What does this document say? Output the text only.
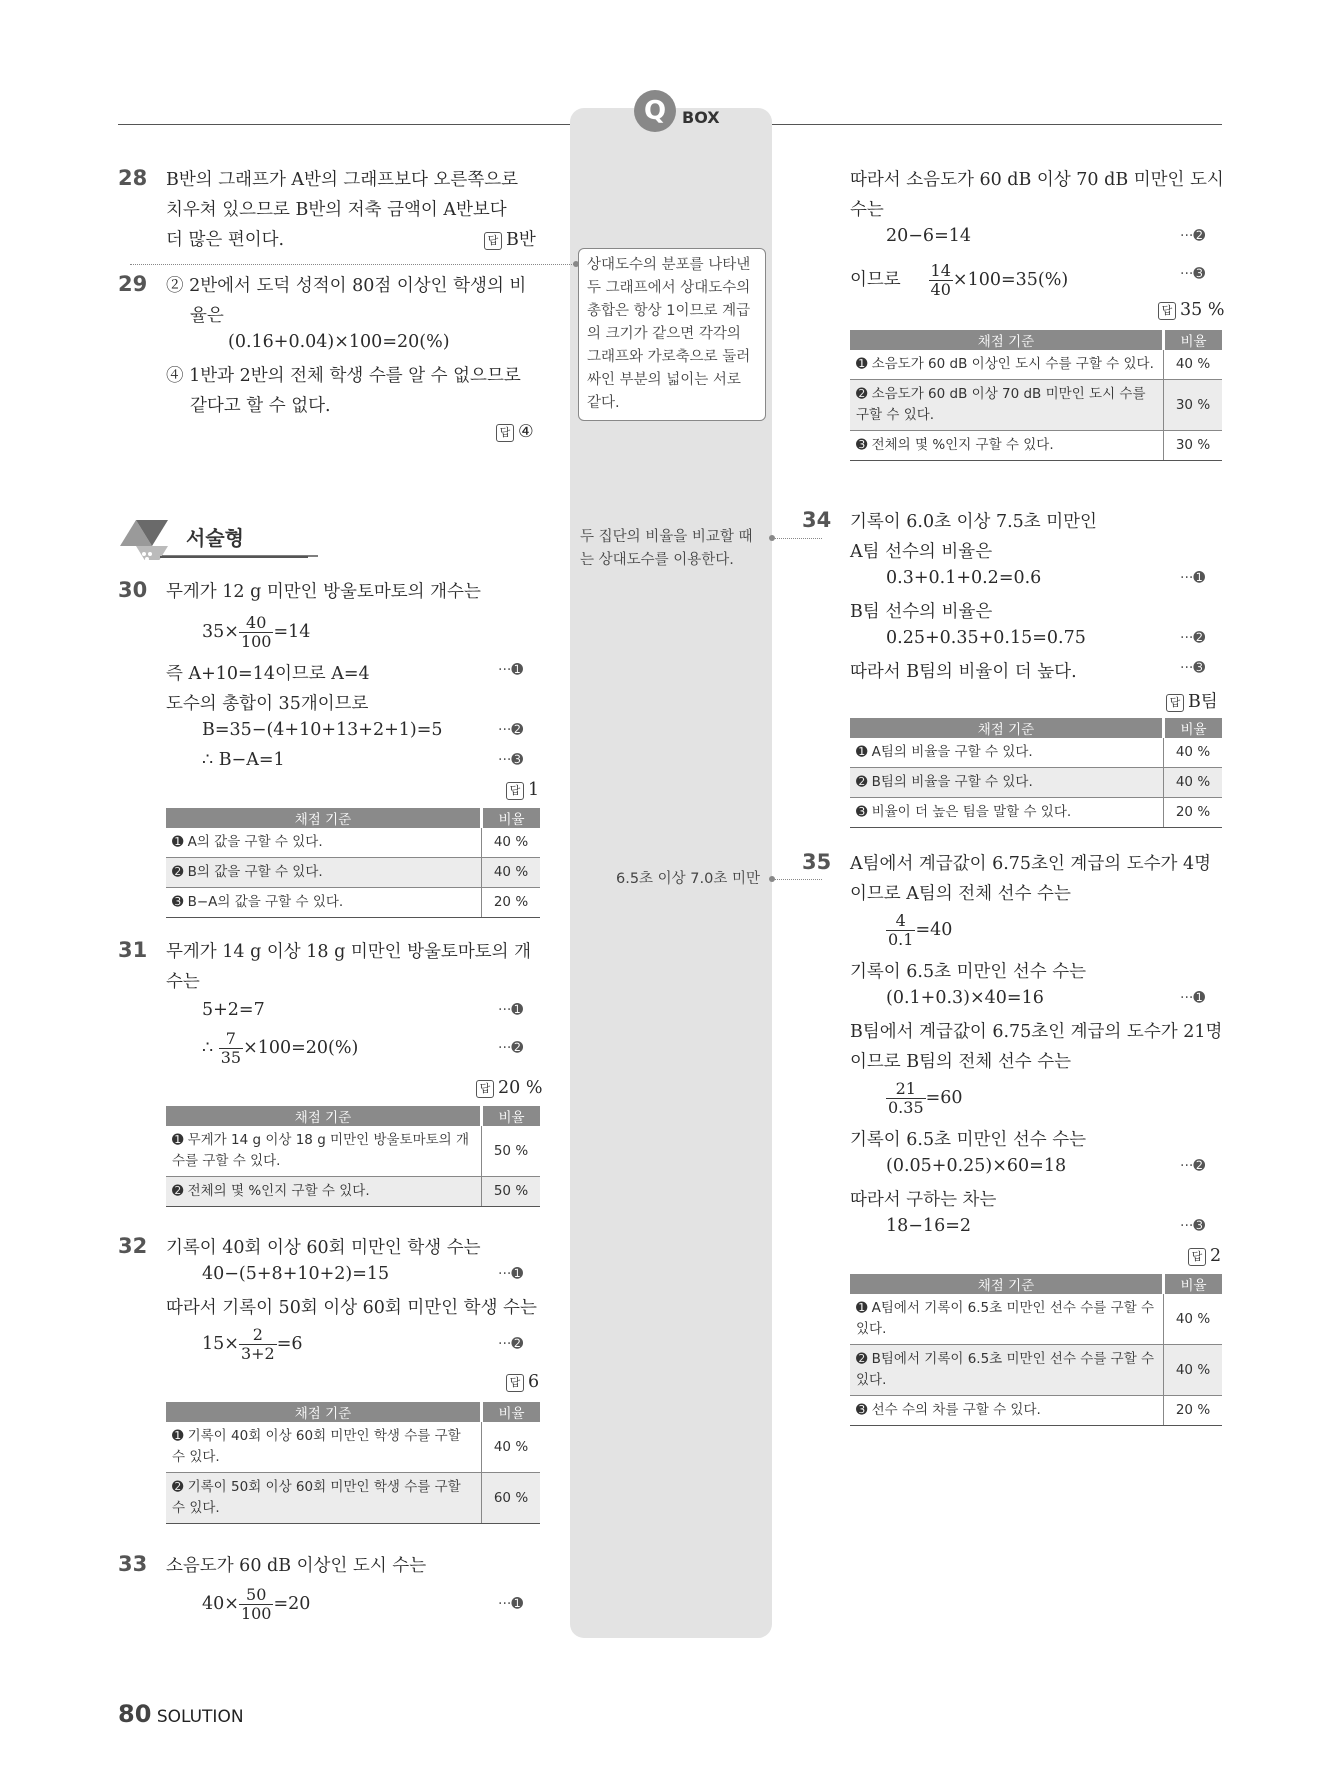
Q BOX
상대도수의 분포를 나타낸 두 그래프에서 상대도수의 총합은 항상 1이므로 계급의 크기가 같으면 각각의 그래프와 가로축으로 둘러싸인 부분의 넓이는 서로 같다.
두 집단의 비율을 비교할 때는 상대도수를 이용한다.
6.5초 이상 7.0초 미만
28 B반의 그래프가 A반의 그래프보다 오른쪽으로
치우쳐 있으므로 B반의 저축 금액이 A반보다
더 많은 편이다.	답 B반
29 ② 2반에서 도덕 성적이 80점 이상인 학생의 비
율은
(0.16+0.04)×100=20(%)
④ 1반과 2반의 전체 학생 수를 알 수 없으므로
같다고 할 수 없다.
답 ④
서술형
30 무게가 12 g 미만인 방울토마토의 개수는
$35\times \frac{40}{100} =14$
즉 A+10=14이므로 A=4	···➊
도수의 총합이 35개이므로
B=35−(4+10+13+2+1)=5	···➋
∴ B−A=1	···➌
답 1
채점 기준	비율
➊ A의 값을 구할 수 있다.	40 %
➋ B의 값을 구할 수 있다.	40 %
➌ B−A의 값을 구할 수 있다.	20 %
31 무게가 14 g 이상 18 g 미만인 방울토마토의 개
수는
5+2=7	···➊
∴ $\frac{7}{35} \times 100=20(\%)$	···➋
답 20 %
채점 기준	비율
➊ 무게가 14 g 이상 18 g 미만인 방울토마토의 개수를 구할 수 있다.	50 %
➋ 전체의 몇 %인지 구할 수 있다.	50 %
32 기록이 40회 이상 60회 미만인 학생 수는
40−(5+8+10+2)=15	···➊
따라서 기록이 50회 이상 60회 미만인 학생 수는
$15\times \frac{2}{3+2} =6$	···➋
답 6
채점 기준	비율
➊ 기록이 40회 이상 60회 미만인 학생 수를 구할 수 있다.	40 %
➋ 기록이 50회 이상 60회 미만인 학생 수를 구할 수 있다.	60 %
33 소음도가 60 dB 이상인 도시 수는
$40\times \frac{50}{100} =20$	···➊
따라서 소음도가 60 dB 이상 70 dB 미만인 도시
수는
20−6=14	···➋
이므로 $\frac{14}{40} \times 100=35(\%)$	···➌
답 35 %
채점 기준	비율
➊ 소음도가 60 dB 이상인 도시 수를 구할 수 있다.	40 %
➋ 소음도가 60 dB 이상 70 dB 미만인 도시 수를 구할 수 있다.	30 %
➌ 전체의 몇 %인지 구할 수 있다.	30 %
34 기록이 6.0초 이상 7.5초 미만인
A팀 선수의 비율은
0.3+0.1+0.2=0.6	···➊
B팀 선수의 비율은
0.25+0.35+0.15=0.75	···➋
따라서 B팀의 비율이 더 높다.	···➌
답 B팀
채점 기준	비율
➊ A팀의 비율을 구할 수 있다.	40 %
➋ B팀의 비율을 구할 수 있다.	40 %
➌ 비율이 더 높은 팀을 말할 수 있다.	20 %
35 A팀에서 계급값이 6.75초인 계급의 도수가 4명
이므로 A팀의 전체 선수 수는
$\frac{4}{0.1} =40$
기록이 6.5초 미만인 선수 수는
(0.1+0.3)×40=16	···➊
B팀에서 계급값이 6.75초인 계급의 도수가 21명
이므로 B팀의 전체 선수 수는
$\frac{21}{0.35} =60$
기록이 6.5초 미만인 선수 수는
(0.05+0.25)×60=18	···➋
따라서 구하는 차는
18−16=2	···➌
답 2
채점 기준	비율
➊ A팀에서 기록이 6.5초 미만인 선수 수를 구할 수 있다.	40 %
➋ B팀에서 기록이 6.5초 미만인 선수 수를 구할 수 있다.	40 %
➌ 선수 수의 차를 구할 수 있다.	20 %
80 SOLUTION
